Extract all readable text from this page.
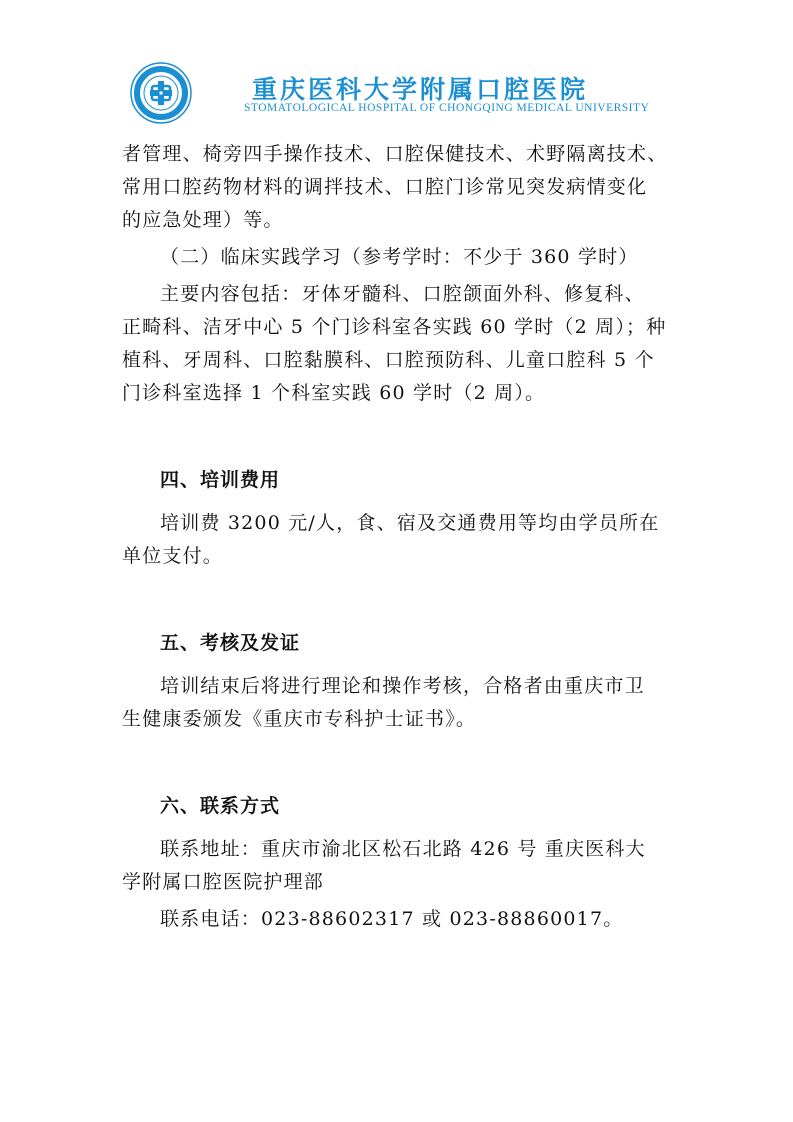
重庆医科大学附属口腔医院
STOMATOLOGICAL HOSPITAL OF CHONGQING MEDICAL UNIVERSITY

者管理、椅旁四手操作技术、口腔保健技术、术野隔离技术、

常用口腔药物材料的调拌技术、口腔门诊常见突发病情变化

的应急处理）等。

（二）临床实践学习（参考学时：不少于 360 学时）

主要内容包括：牙体牙髓科、口腔颌面外科、修复科、

正畸科、洁牙中心 5 个门诊科室各实践 60 学时（2 周）；种

植科、牙周科、口腔黏膜科、口腔预防科、儿童口腔科 5 个

门诊科室选择 1 个科室实践 60 学时（2 周）。

四、培训费用

培训费 3200 元/人，食、宿及交通费用等均由学员所在

单位支付。

五、考核及发证

培训结束后将进行理论和操作考核，合格者由重庆市卫

生健康委颁发《重庆市专科护士证书》。

六、联系方式

联系地址：重庆市渝北区松石北路 426 号 重庆医科大

学附属口腔医院护理部

联系电话：023-88602317 或 023-88860017。
